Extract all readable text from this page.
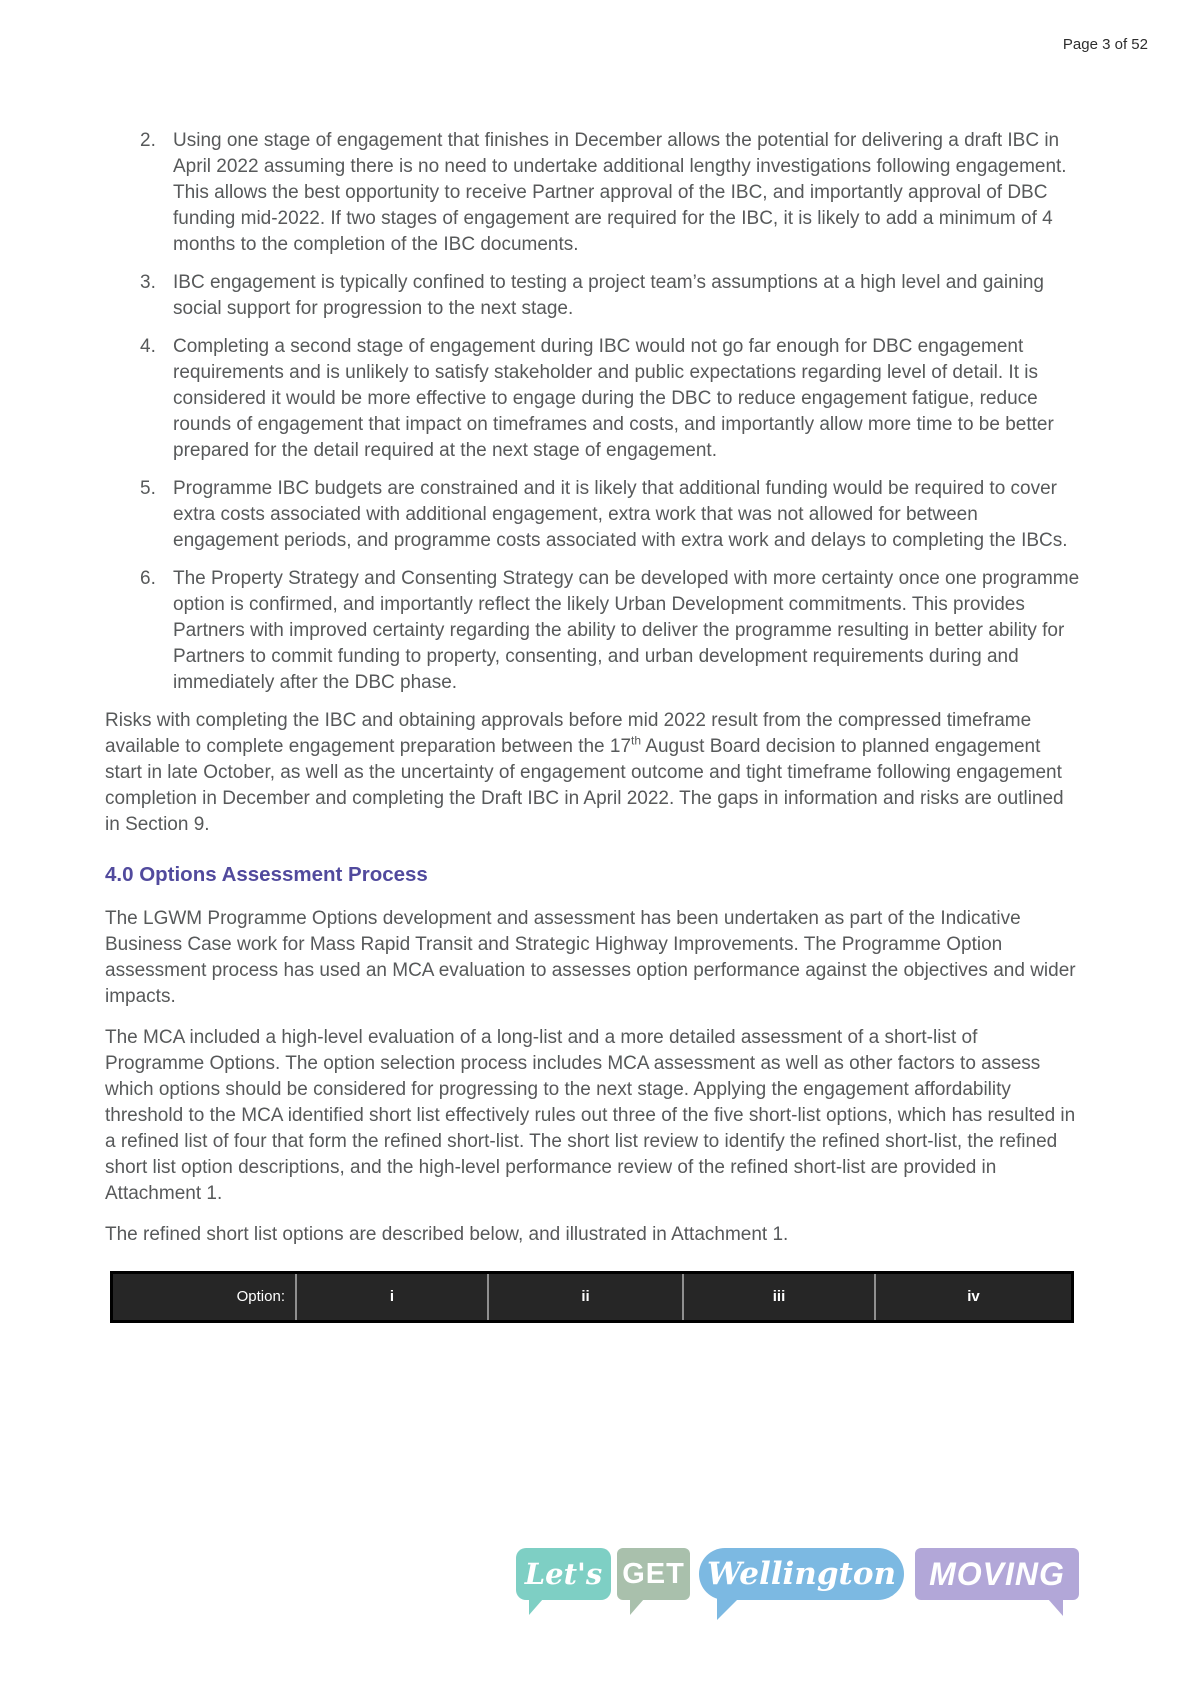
Page 3 of 52
2. Using one stage of engagement that finishes in December allows the potential for delivering a draft IBC in April 2022 assuming there is no need to undertake additional lengthy investigations following engagement. This allows the best opportunity to receive Partner approval of the IBC, and importantly approval of DBC funding mid-2022. If two stages of engagement are required for the IBC, it is likely to add a minimum of 4 months to the completion of the IBC documents.
3. IBC engagement is typically confined to testing a project team’s assumptions at a high level and gaining social support for progression to the next stage.
4. Completing a second stage of engagement during IBC would not go far enough for DBC engagement requirements and is unlikely to satisfy stakeholder and public expectations regarding level of detail. It is considered it would be more effective to engage during the DBC to reduce engagement fatigue, reduce rounds of engagement that impact on timeframes and costs, and importantly allow more time to be better prepared for the detail required at the next stage of engagement.
5. Programme IBC budgets are constrained and it is likely that additional funding would be required to cover extra costs associated with additional engagement, extra work that was not allowed for between engagement periods, and programme costs associated with extra work and delays to completing the IBCs.
6. The Property Strategy and Consenting Strategy can be developed with more certainty once one programme option is confirmed, and importantly reflect the likely Urban Development commitments. This provides Partners with improved certainty regarding the ability to deliver the programme resulting in better ability for Partners to commit funding to property, consenting, and urban development requirements during and immediately after the DBC phase.

Risks with completing the IBC and obtaining approvals before mid 2022 result from the compressed timeframe available to complete engagement preparation between the 17th August Board decision to planned engagement start in late October, as well as the uncertainty of engagement outcome and tight timeframe following engagement completion in December and completing the Draft IBC in April 2022. The gaps in information and risks are outlined in Section 9.

4.0 Options Assessment Process

The LGWM Programme Options development and assessment has been undertaken as part of the Indicative Business Case work for Mass Rapid Transit and Strategic Highway Improvements. The Programme Option assessment process has used an MCA evaluation to assesses option performance against the objectives and wider impacts.

The MCA included a high-level evaluation of a long-list and a more detailed assessment of a short-list of Programme Options. The option selection process includes MCA assessment as well as other factors to assess which options should be considered for progressing to the next stage. Applying the engagement affordability threshold to the MCA identified short list effectively rules out three of the five short-list options, which has resulted in a refined list of four that form the refined short-list. The short list review to identify the refined short-list, the refined short list option descriptions, and the high-level performance review of the refined short-list are provided in Attachment 1.

The refined short list options are described below, and illustrated in Attachment 1.

Option:	i	ii	iii	iv
Let's GET Wellington MOVING
